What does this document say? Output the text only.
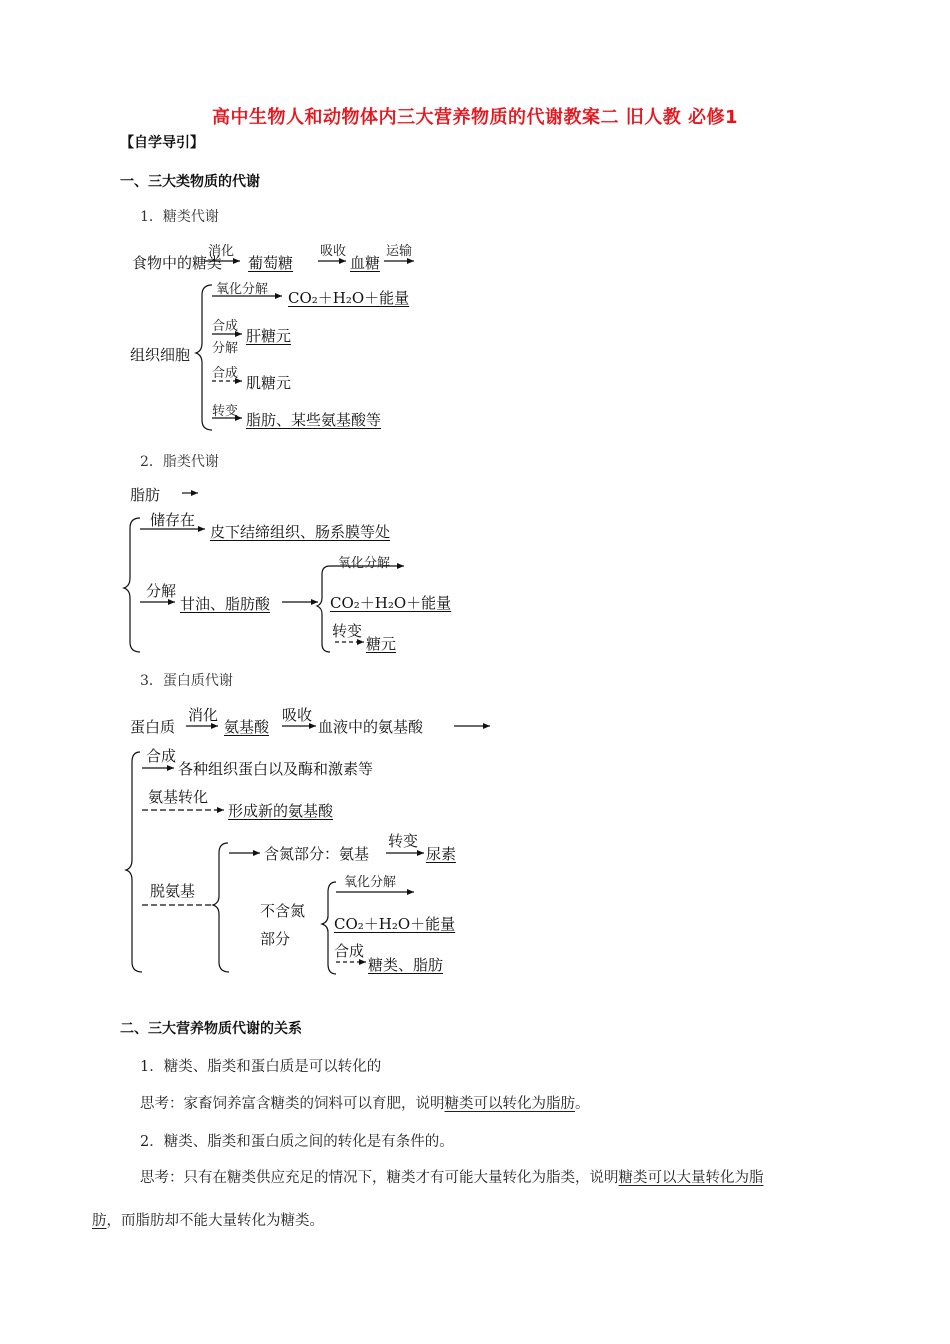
高中生物人和动物体内三大营养物质的代谢教案二 旧人教 必修1
【自学导引】
一、三大类物质的代谢
1．糖类代谢
食物中的糖类
消化
葡萄糖
吸收
血糖
运输
组织细胞
氧化分解 CO₂＋H₂O＋能量
合成
分解
肝糖元
合成
肌糖元
转变 脂肪、某些氨基酸等
2．脂类代谢
脂肪
储存在
皮下结缔组织、肠系膜等处
分解
甘油、脂肪酸
氧化分解
CO₂＋H₂O＋能量
转变
糖元
3．蛋白质代谢
蛋白质
消化
氨基酸
吸收
血液中的氨基酸
合成
各种组织蛋白以及酶和激素等
氨基转化
形成新的氨基酸
脱氨基
含氮部分：氨基
转变
尿素
不含氮
部分
氧化分解
CO₂＋H₂O＋能量
合成
糖类、脂肪
二、三大营养物质代谢的关系
1．糖类、脂类和蛋白质是可以转化的
思考：家畜饲养富含糖类的饲料可以育肥，说明糖类可以转化为脂肪。
2．糖类、脂类和蛋白质之间的转化是有条件的。
思考：只有在糖类供应充足的情况下，糖类才有可能大量转化为脂类，说明糖类可以大量转化为脂
肪，而脂肪却不能大量转化为糖类。
